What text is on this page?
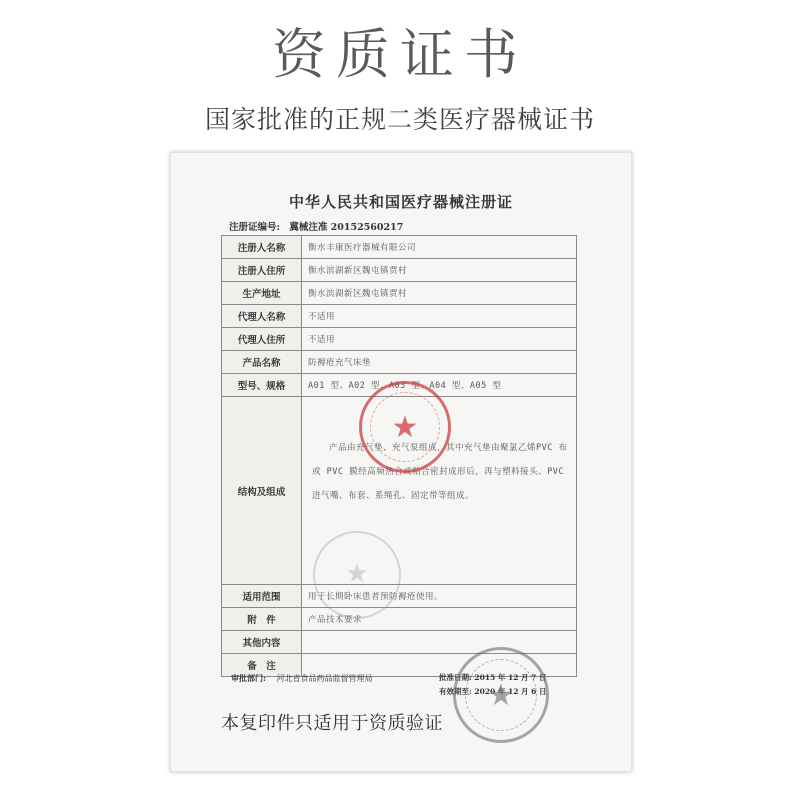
资质证书
国家批准的正规二类医疗器械证书
中华人民共和国医疗器械注册证
注册证编号: 冀械注准 20152560217
注册人名称	衡水丰康医疗器械有限公司
注册人住所	衡水滨湖新区魏屯镇贾村
生产地址	衡水滨湖新区魏屯镇贾村
代理人名称	不适用
代理人住所	不适用
产品名称	防褥疮充气床垫
型号、规格	A01 型、A02 型、A03 型、A04 型、A05 型
结构及组成	产品由充气垫、充气泵组成，其中充气垫由聚氯乙烯PVC 布或 PVC 膜经高频热合或粘合密封成形后，再与塑料接头、PVC 进气嘴、布套、系绳孔、固定带等组成。
适用范围	用于长期卧床患者预防褥疮使用。
附　件	产品技术要求
其他内容	
备　注	
审批部门: 河北省食品药品监督管理局	批准日期: 2015 年 12 月 7 日
有效期至: 2020 年 12 月 6 日
本复印件只适用于资质验证
★
★
★
